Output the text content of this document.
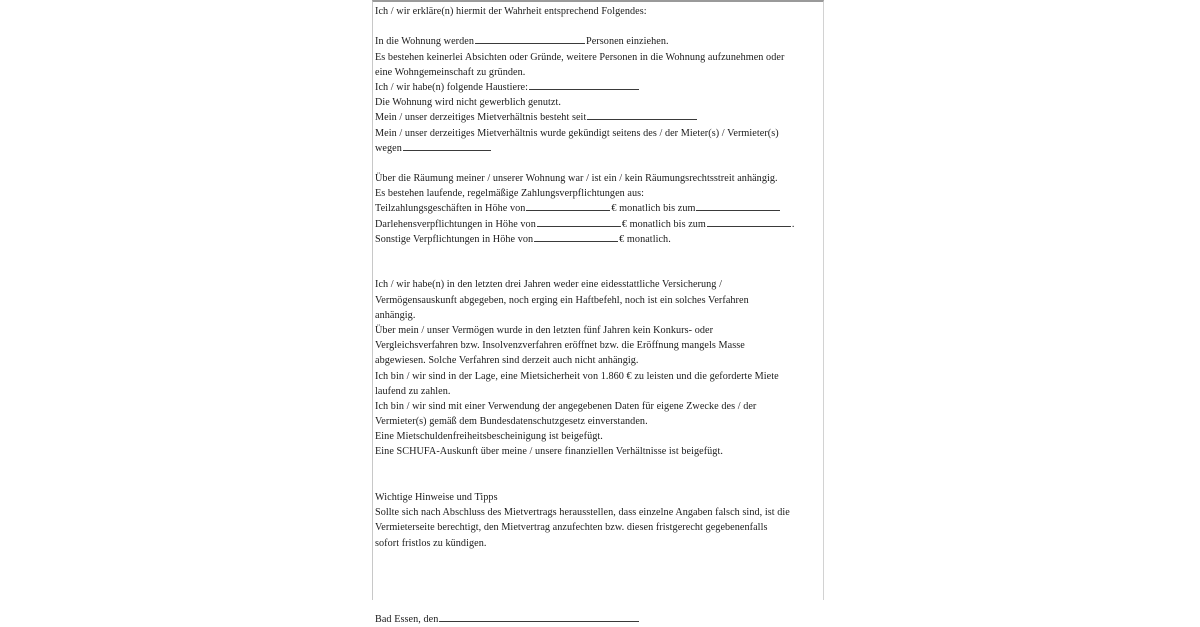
Ich / wir erkläre(n) hiermit der Wahrheit entsprechend Folgendes:
In die Wohnung werden	Personen einziehen.
Es bestehen keinerlei Absichten oder Gründe, weitere Personen in die Wohnung aufzunehmen oder
eine Wohngemeinschaft zu gründen.
Ich / wir habe(n) folgende Haustiere:
Die Wohnung wird nicht gewerblich genutzt.
Mein / unser derzeitiges Mietverhältnis besteht seit
Mein / unser derzeitiges Mietverhältnis wurde gekündigt seitens des / der Mieter(s) / Vermieter(s)
wegen
Über die Räumung meiner / unserer Wohnung war / ist ein / kein Räumungsrechtsstreit anhängig.
Es bestehen laufende, regelmäßige Zahlungsverpflichtungen aus:
Teilzahlungsgeschäften in Höhe von	€ monatlich bis zum
Darlehensverpflichtungen in Höhe von	€ monatlich bis zum	.
Sonstige Verpflichtungen in Höhe von	€ monatlich.
Ich / wir habe(n) in den letzten drei Jahren weder eine eidesstattliche Versicherung /
Vermögensauskunft abgegeben, noch erging ein Haftbefehl, noch ist ein solches Verfahren
anhängig.
Über mein / unser Vermögen wurde in den letzten fünf Jahren kein Konkurs- oder
Vergleichsverfahren bzw. Insolvenzverfahren eröffnet bzw. die Eröffnung mangels Masse
abgewiesen. Solche Verfahren sind derzeit auch nicht anhängig.
Ich bin / wir sind in der Lage, eine Mietsicherheit von 1.860 € zu leisten und die geforderte Miete
laufend zu zahlen.
Ich bin / wir sind mit einer Verwendung der angegebenen Daten für eigene Zwecke des / der
Vermieter(s) gemäß dem Bundesdatenschutzgesetz einverstanden.
Eine Mietschuldenfreiheitsbescheinigung ist beigefügt.
Eine SCHUFA-Auskunft über meine / unsere finanziellen Verhältnisse ist beigefügt.
Wichtige Hinweise und Tipps
Sollte sich nach Abschluss des Mietvertrags herausstellen, dass einzelne Angaben falsch sind, ist die
Vermieterseite berechtigt, den Mietvertrag anzufechten bzw. diesen fristgerecht gegebenenfalls
sofort fristlos zu kündigen.
Bad Essen, den
